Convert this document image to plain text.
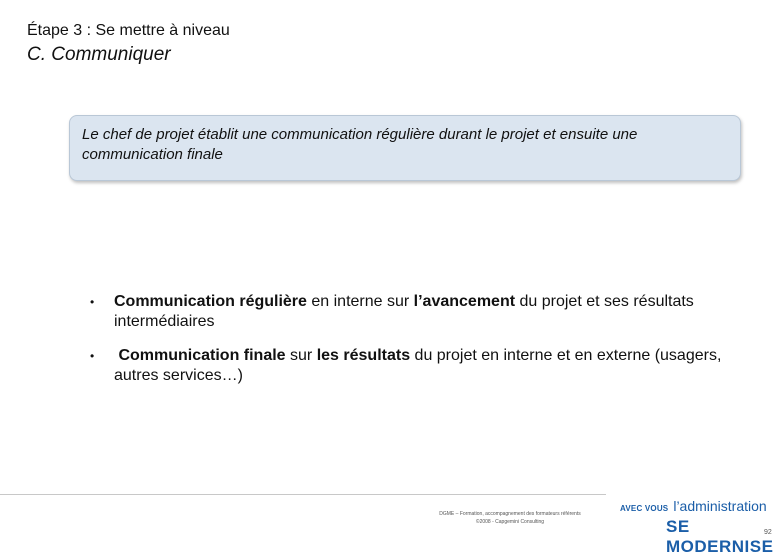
Étape 3 : Se mettre à niveau
C. Communiquer
Le chef de projet établit une communication régulière durant le projet et ensuite une communication finale
• Communication régulière en interne sur l’avancement du projet et ses résultats intermédiaires
• Communication finale sur les résultats du projet en interne et en externe (usagers, autres services…)
DGME – Formation, accompagnement des formateurs référents
©2008 - Capgemini Consulting
AVEC VOUS l’administration
SE MODERNISE
92
